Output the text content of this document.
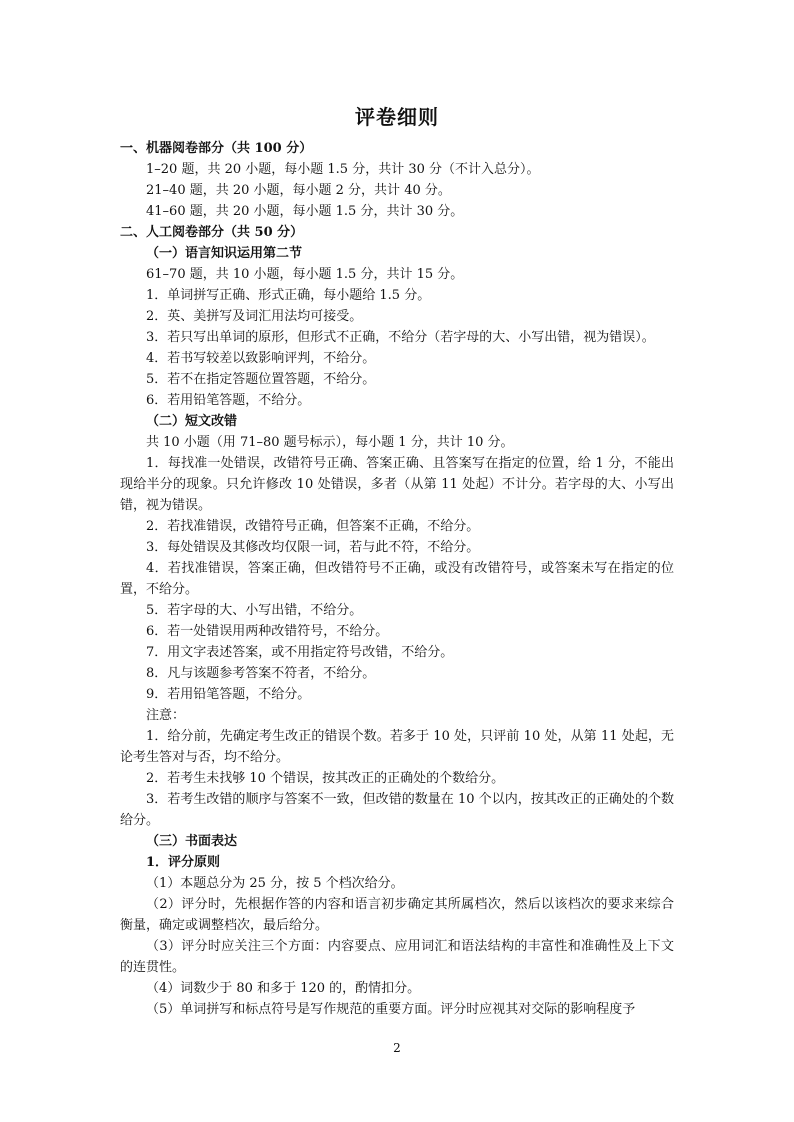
评卷细则

一、机器阅卷部分（共 100 分）

1–20 题，共 20 小题，每小题 1.5 分，共计 30 分（不计入总分）。

21–40 题，共 20 小题，每小题 2 分，共计 40 分。

41–60 题，共 20 小题，每小题 1.5 分，共计 30 分。

二、人工阅卷部分（共 50 分）

（一）语言知识运用第二节

61–70 题，共 10 小题，每小题 1.5 分，共计 15 分。

1．单词拼写正确、形式正确，每小题给 1.5 分。

2．英、美拼写及词汇用法均可接受。

3．若只写出单词的原形，但形式不正确，不给分（若字母的大、小写出错，视为错误）。

4．若书写较差以致影响评判，不给分。

5．若不在指定答题位置答题，不给分。

6．若用铅笔答题，不给分。

（二）短文改错

共 10 小题（用 71–80 题号标示），每小题 1 分，共计 10 分。

1．每找准一处错误，改错符号正确、答案正确、且答案写在指定的位置，给 1 分，不能出现给半分的现象。只允许修改 10 处错误，多者（从第 11 处起）不计分。若字母的大、小写出错，视为错误。

2．若找准错误，改错符号正确，但答案不正确，不给分。

3．每处错误及其修改均仅限一词，若与此不符，不给分。

4．若找准错误，答案正确，但改错符号不正确，或没有改错符号，或答案未写在指定的位置，不给分。

5．若字母的大、小写出错，不给分。

6．若一处错误用两种改错符号，不给分。

7．用文字表述答案，或不用指定符号改错，不给分。

8．凡与该题参考答案不符者，不给分。

9．若用铅笔答题，不给分。

注意：

1．给分前，先确定考生改正的错误个数。若多于 10 处，只评前 10 处，从第 11 处起，无论考生答对与否，均不给分。

2．若考生未找够 10 个错误，按其改正的正确处的个数给分。

3．若考生改错的顺序与答案不一致，但改错的数量在 10 个以内，按其改正的正确处的个数给分。

（三）书面表达

1．评分原则

（1）本题总分为 25 分，按 5 个档次给分。

（2）评分时，先根据作答的内容和语言初步确定其所属档次，然后以该档次的要求来综合衡量，确定或调整档次，最后给分。

（3）评分时应关注三个方面：内容要点、应用词汇和语法结构的丰富性和准确性及上下文的连贯性。

（4）词数少于 80 和多于 120 的，酌情扣分。

（5）单词拼写和标点符号是写作规范的重要方面。评分时应视其对交际的影响程度予

2
